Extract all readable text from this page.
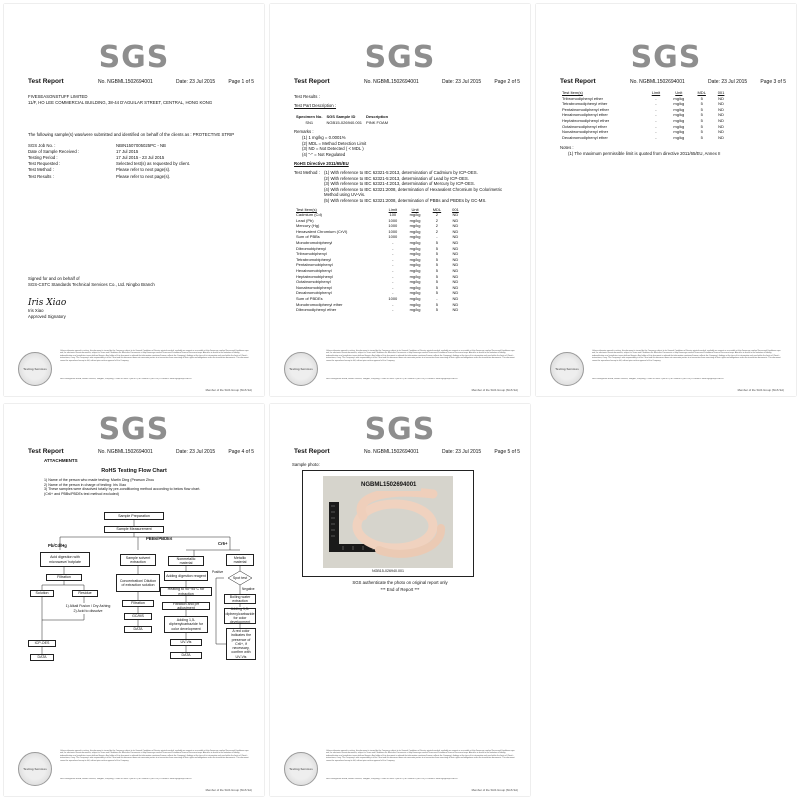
SGS
Test Report	No. NGBML1502694001	Date: 23 Jul 2015	Page 1 of 5
FIVESEASONSTUFF LIMITED
11/F, HO LEE COMMERCIAL BUILDING, 38-44 D'AGUILAR STREET, CENTRAL, HONG KONG
The following sample(s) was/were submitted and identified on behalf of the clients as : PROTECTIVE STRIP
SGS Job No. :	NBIN1507005025PC - NB
Date of Sample Received :	17 Jul 2015
Testing Period :	17 Jul 2015 - 23 Jul 2015
Test Requested :	Selected test(s) as requested by client.
Test Method :	Please refer to next page(s).
Test Results :	Please refer to next page(s).
Signed for and on behalf of
SGS-CSTC Standards Technical Services Co., Ltd. Ningbo Branch
Iris Xiao
Iris Xiao
Approved Signatory
Testing Services
Unless otherwise agreed in writing, this document is issued by the Company subject to its General Conditions of Service printed overleaf, available on request or accessible at http://www.sgs.com/en/Terms-and-Conditions.aspx and, for electronic format documents, subject to Terms and Conditions for Electronic Documents at http://www.sgs.com/en/Terms-and-Conditions/Terms-e-Document.aspx. Attention is drawn to the limitation of liability, indemnification and jurisdiction issues defined therein. Any holder of this document is advised that information contained hereon reflects the Company's findings at the time of its intervention only and within the limits of Client's instructions, if any. The Company's sole responsibility is to its Client and this document does not exonerate parties to a transaction from exercising all their rights and obligations under the transaction documents. This document cannot be reproduced except in full, without prior written approval of the Company.
No.8 Hengshan Road, Beilun District, Ningbo, Zhejiang, China 315800 t (86-574) 87288800 f (86-574) 87288801 www.sgsgroup.com.cn
Member of the SGS Group (SGS SA)
SGS
Test Report	No. NGBML1502694001	Date: 23 Jul 2015	Page 2 of 5
Test Results :
Test Part Description :
Specimen No.	SGS Sample ID	Description
SN1	NGB15-026940.001	PINK FOAM
Remarks :
(1) 1 mg/kg = 0.0001%
(2) MDL = Method Detection Limit
(3) ND = Not Detected ( < MDL )
(4) "-" = Not Regulated
RoHS Directive 2011/65/EU
Test Method : (1) With reference to IEC 62321-5:2013, determination of Cadmium by ICP-OES.
(2) With reference to IEC 62321-5:2013, determination of Lead by ICP-OES.
(3) With reference to IEC 62321-4:2013, determination of Mercury by ICP-OES.
(4) With reference to IEC 62321:2008, determination of Hexavalent Chromium by Colorimetric
Method using UV-Vis.
(5) With reference to IEC 62321:2008, determination of PBBs and PBDEs by GC-MS.
Test Item(s)	Limit	Unit	MDL	001
Cadmium (Cd)	100	mg/kg	2	ND
Lead (Pb)	1000	mg/kg	2	ND
Mercury (Hg)	1000	mg/kg	2	ND
Hexavalent Chromium (CrVI)	1000	mg/kg	2	ND
Sum of PBBs	1000	mg/kg	-	ND
Monobromobiphenyl	-	mg/kg	5	ND
Dibromobiphenyl	-	mg/kg	5	ND
Tribromobiphenyl	-	mg/kg	5	ND
Tetrabromobiphenyl	-	mg/kg	5	ND
Pentabromobiphenyl	-	mg/kg	5	ND
Hexabromobiphenyl	-	mg/kg	5	ND
Heptabromobiphenyl	-	mg/kg	5	ND
Octabromobiphenyl	-	mg/kg	5	ND
Nonabromobiphenyl	-	mg/kg	5	ND
Decabromobiphenyl	-	mg/kg	5	ND
Sum of PBDEs	1000	mg/kg	-	ND
Monobromodiphenyl ether	-	mg/kg	5	ND
Dibromodiphenyl ether	-	mg/kg	5	ND
Testing Services
Unless otherwise agreed in writing, this document is issued by the Company subject to its General Conditions of Service printed overleaf, available on request or accessible at http://www.sgs.com/en/Terms-and-Conditions.aspx and, for electronic format documents, subject to Terms and Conditions for Electronic Documents at http://www.sgs.com/en/Terms-and-Conditions/Terms-e-Document.aspx. Attention is drawn to the limitation of liability, indemnification and jurisdiction issues defined therein. Any holder of this document is advised that information contained hereon reflects the Company's findings at the time of its intervention only and within the limits of Client's instructions, if any. The Company's sole responsibility is to its Client and this document does not exonerate parties to a transaction from exercising all their rights and obligations under the transaction documents. This document cannot be reproduced except in full, without prior written approval of the Company.
No.8 Hengshan Road, Beilun District, Ningbo, Zhejiang, China 315800 t (86-574) 87288800 f (86-574) 87288801 www.sgsgroup.com.cn
Member of the SGS Group (SGS SA)
SGS
Test Report	No. NGBML1502694001	Date: 23 Jul 2015	Page 3 of 5
Test Item(s)	Limit	Unit	MDL	001
Tribromodiphenyl ether	-	mg/kg	5	ND
Tetrabromodiphenyl ether	-	mg/kg	5	ND
Pentabromodiphenyl ether	-	mg/kg	5	ND
Hexabromodiphenyl ether	-	mg/kg	5	ND
Heptabromodiphenyl ether	-	mg/kg	5	ND
Octabromodiphenyl ether	-	mg/kg	5	ND
Nonabromodiphenyl ether	-	mg/kg	5	ND
Decabromodiphenyl ether	-	mg/kg	5	ND
Notes :
(1) The maximum permissible limit is quoted from directive 2011/65/EU, Annex II
Testing Services
Unless otherwise agreed in writing, this document is issued by the Company subject to its General Conditions of Service printed overleaf, available on request or accessible at http://www.sgs.com/en/Terms-and-Conditions.aspx and, for electronic format documents, subject to Terms and Conditions for Electronic Documents at http://www.sgs.com/en/Terms-and-Conditions/Terms-e-Document.aspx. Attention is drawn to the limitation of liability, indemnification and jurisdiction issues defined therein. Any holder of this document is advised that information contained hereon reflects the Company's findings at the time of its intervention only and within the limits of Client's instructions, if any. The Company's sole responsibility is to its Client and this document does not exonerate parties to a transaction from exercising all their rights and obligations under the transaction documents. This document cannot be reproduced except in full, without prior written approval of the Company.
No.8 Hengshan Road, Beilun District, Ningbo, Zhejiang, China 315800 t (86-574) 87288800 f (86-574) 87288801 www.sgsgroup.com.cn
Member of the SGS Group (SGS SA)
SGS
Test Report	No. NGBML1502694001	Date: 23 Jul 2015	Page 4 of 5
ATTACHMENTS
RoHS Testing Flow Chart
1) Name of the person who made testing: Martin Ding (Pearson Zhou
2) Name of the person in charge of testing: Iris Xiao
3) These samples were dissolved totally by pre-conditioning method according to below flow chart.
(Cr6+ and PBBs/PBDEs test method excluded)
Sample Preparation
Sample Measurement
Pb/Cd/Hg
PBBs/PBDEs
Cr6+
Acid digestion with microwave/ hotplate
Filtration
Solution	Residue
1) Alkali Fusion / Dry Ashing
2) Acid to dissolve
ICP-OES
DATA
Sample solvent extraction
Concentration/ Dilution of extraction solution
Filtration
GC/MS
DATA
Nonmetallic material
Adding digestion reagent
Heating to 90~95°C for extraction
Filtration and pH adjustment
Adding 1,5-diphenylcarbazide for color development
UV-Vis
DATA
Metallic material
Spot test
Positive
Negative
Boiling water extraction
Adding 1,5-diphenylcarbazide for color development
A red color indicates the presence of Cr6+, if necessary, confirm with UV-Vis
Testing Services
Unless otherwise agreed in writing, this document is issued by the Company subject to its General Conditions of Service printed overleaf, available on request or accessible at http://www.sgs.com/en/Terms-and-Conditions.aspx and, for electronic format documents, subject to Terms and Conditions for Electronic Documents at http://www.sgs.com/en/Terms-and-Conditions/Terms-e-Document.aspx. Attention is drawn to the limitation of liability, indemnification and jurisdiction issues defined therein. Any holder of this document is advised that information contained hereon reflects the Company's findings at the time of its intervention only and within the limits of Client's instructions, if any. The Company's sole responsibility is to its Client and this document does not exonerate parties to a transaction from exercising all their rights and obligations under the transaction documents. This document cannot be reproduced except in full, without prior written approval of the Company.
No.8 Hengshan Road, Beilun District, Ningbo, Zhejiang, China 315800 t (86-574) 87288800 f (86-574) 87288801 www.sgsgroup.com.cn
Member of the SGS Group (SGS SA)
SGS
Test Report	No. NGBML1502694001	Date: 23 Jul 2015	Page 5 of 5
Sample photo:
NGBML1502694001
NGB15-026940.001
SGS authenticate the photo on original report only
*** End of Report ***
Testing Services
Unless otherwise agreed in writing, this document is issued by the Company subject to its General Conditions of Service printed overleaf, available on request or accessible at http://www.sgs.com/en/Terms-and-Conditions.aspx and, for electronic format documents, subject to Terms and Conditions for Electronic Documents at http://www.sgs.com/en/Terms-and-Conditions/Terms-e-Document.aspx. Attention is drawn to the limitation of liability, indemnification and jurisdiction issues defined therein. Any holder of this document is advised that information contained hereon reflects the Company's findings at the time of its intervention only and within the limits of Client's instructions, if any. The Company's sole responsibility is to its Client and this document does not exonerate parties to a transaction from exercising all their rights and obligations under the transaction documents. This document cannot be reproduced except in full, without prior written approval of the Company.
No.8 Hengshan Road, Beilun District, Ningbo, Zhejiang, China 315800 t (86-574) 87288800 f (86-574) 87288801 www.sgsgroup.com.cn
Member of the SGS Group (SGS SA)
